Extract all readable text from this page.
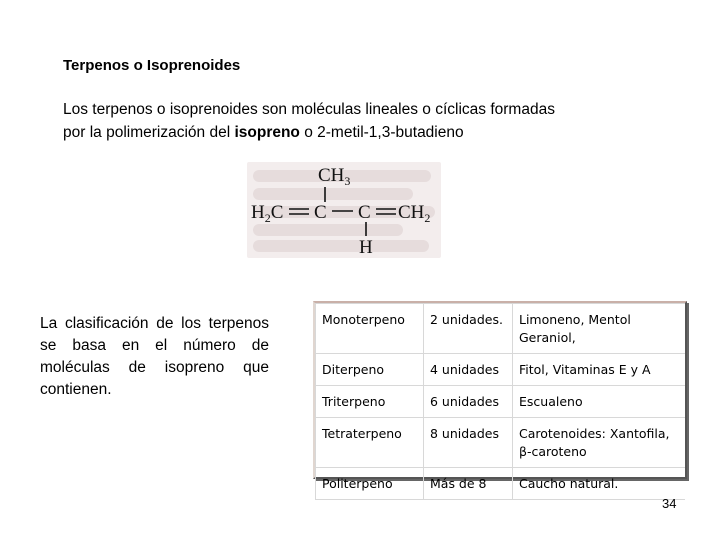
Terpenos o Isoprenoides
Los terpenos o isoprenoides son moléculas lineales o cíclicas formadas
por la polimerización del isopreno o 2-metil-1,3-butadieno
$CH_3$
$H_2C$ C C $CH_2$
H
La clasificación de los terpenos se basa en el número de moléculas de isopreno que contienen.
Monoterpeno	2 unidades.	Limoneno, Mentol Geraniol,
Diterpeno	4 unidades	Fitol, Vitaminas E y A
Triterpeno	6 unidades	Escualeno
Tetraterpeno	8 unidades	Carotenoides: Xantofila, β-caroteno
Politerpeno	Más de 8	Caucho natural.
34
